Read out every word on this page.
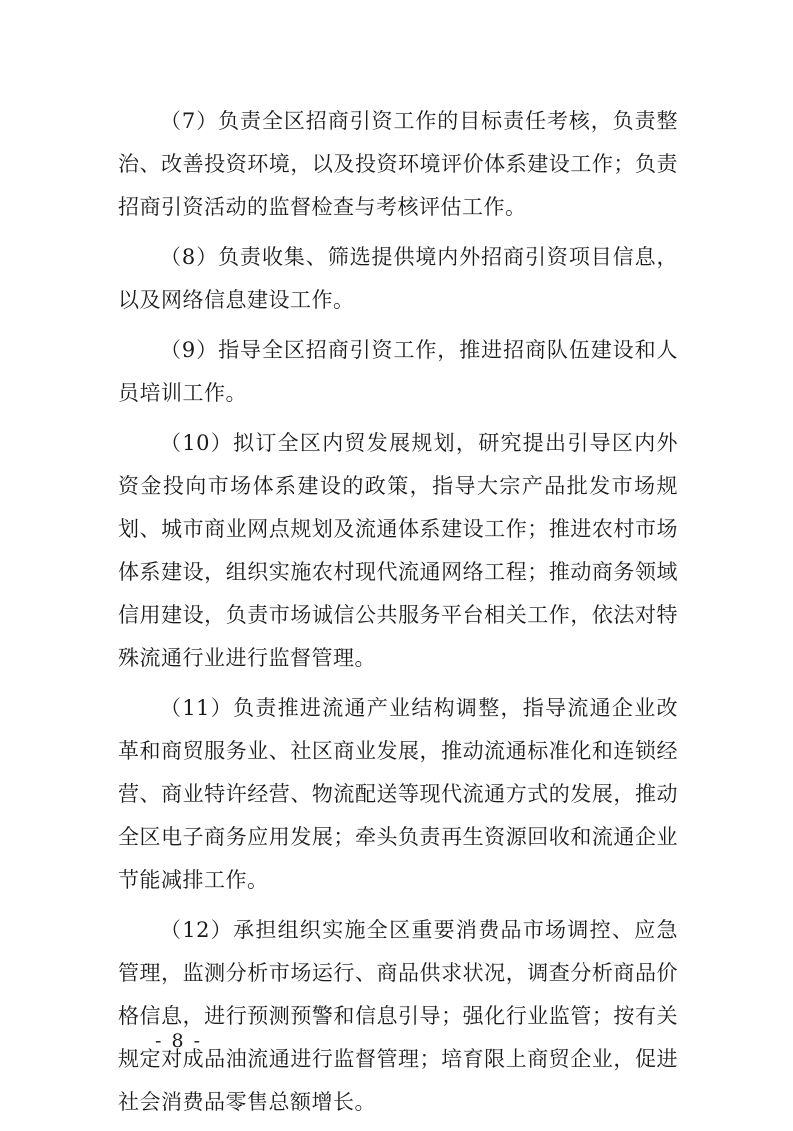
（7）负责全区招商引资工作的目标责任考核，负责整治、改善投资环境，以及投资环境评价体系建设工作；负责招商引资活动的监督检查与考核评估工作。

（8）负责收集、筛选提供境内外招商引资项目信息，以及网络信息建设工作。

（9）指导全区招商引资工作，推进招商队伍建设和人员培训工作。

（10）拟订全区内贸发展规划，研究提出引导区内外资金投向市场体系建设的政策，指导大宗产品批发市场规划、城市商业网点规划及流通体系建设工作；推进农村市场体系建设，组织实施农村现代流通网络工程；推动商务领域信用建设，负责市场诚信公共服务平台相关工作，依法对特殊流通行业进行监督管理。

（11）负责推进流通产业结构调整，指导流通企业改革和商贸服务业、社区商业发展，推动流通标准化和连锁经营、商业特许经营、物流配送等现代流通方式的发展，推动全区电子商务应用发展；牵头负责再生资源回收和流通企业节能减排工作。

（12）承担组织实施全区重要消费品市场调控、应急管理，监测分析市场运行、商品供求状况，调查分析商品价格信息，进行预测预警和信息引导；强化行业监管；按有关规定对成品油流通进行监督管理；培育限上商贸企业，促进社会消费品零售总额增长。

- 8 -
